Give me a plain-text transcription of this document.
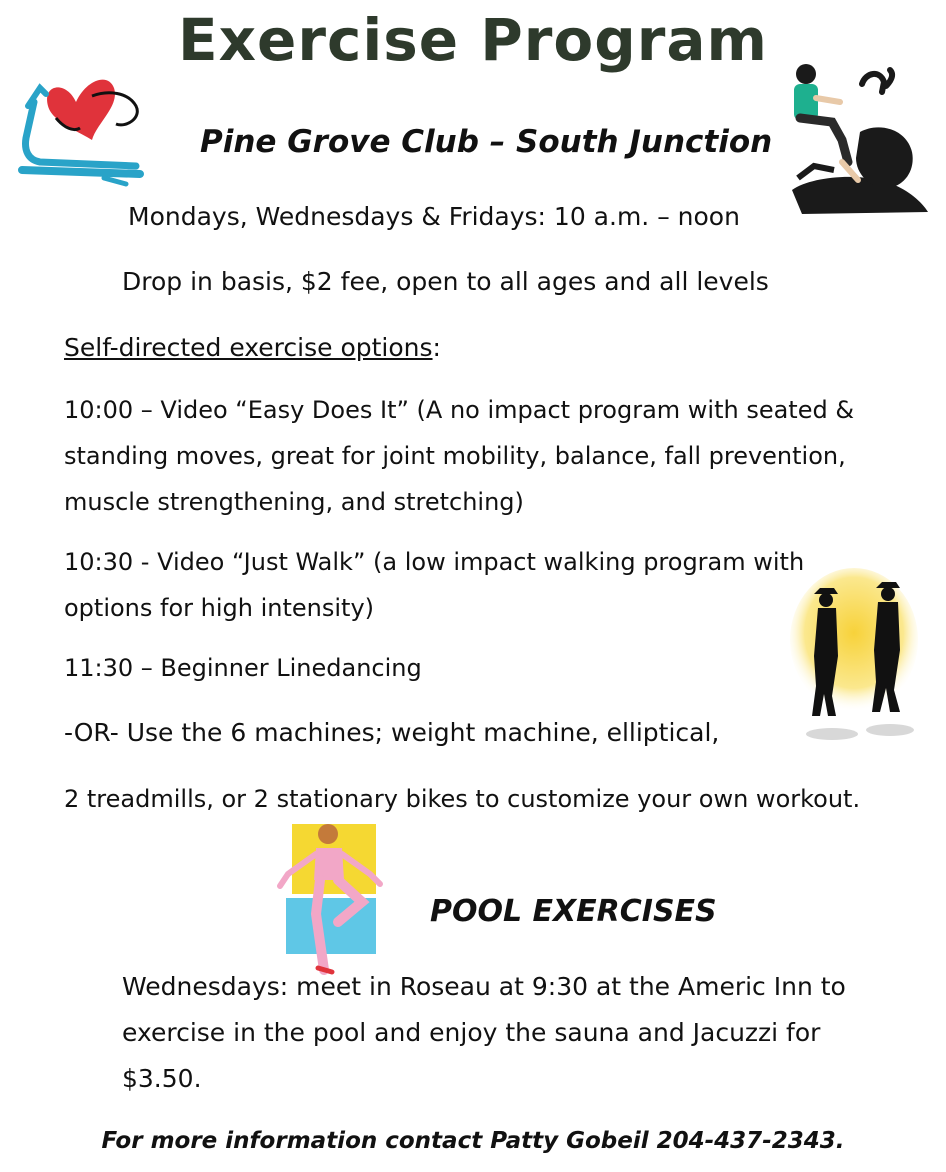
Exercise Program
Pine Grove Club – South Junction

Mondays, Wednesdays & Fridays: 10 a.m. – noon

Drop in basis, $2 fee, open to all ages and all levels

Self-directed exercise options:

10:00 – Video “Easy Does It” (A no impact program with seated & standing moves, great for joint mobility, balance, fall prevention, muscle strengthening, and stretching)

10:30 - Video “Just Walk” (a low impact walking program with options for high intensity)

11:30 – Beginner Linedancing

-OR- Use the 6 machines; weight machine, elliptical,

2 treadmills, or 2 stationary bikes to customize your own workout.

POOL EXERCISES

Wednesdays: meet in Roseau at 9:30 at the Americ Inn to exercise in the pool and enjoy the sauna and Jacuzzi for $3.50.

For more information contact Patty Gobeil 204-437-2343.
